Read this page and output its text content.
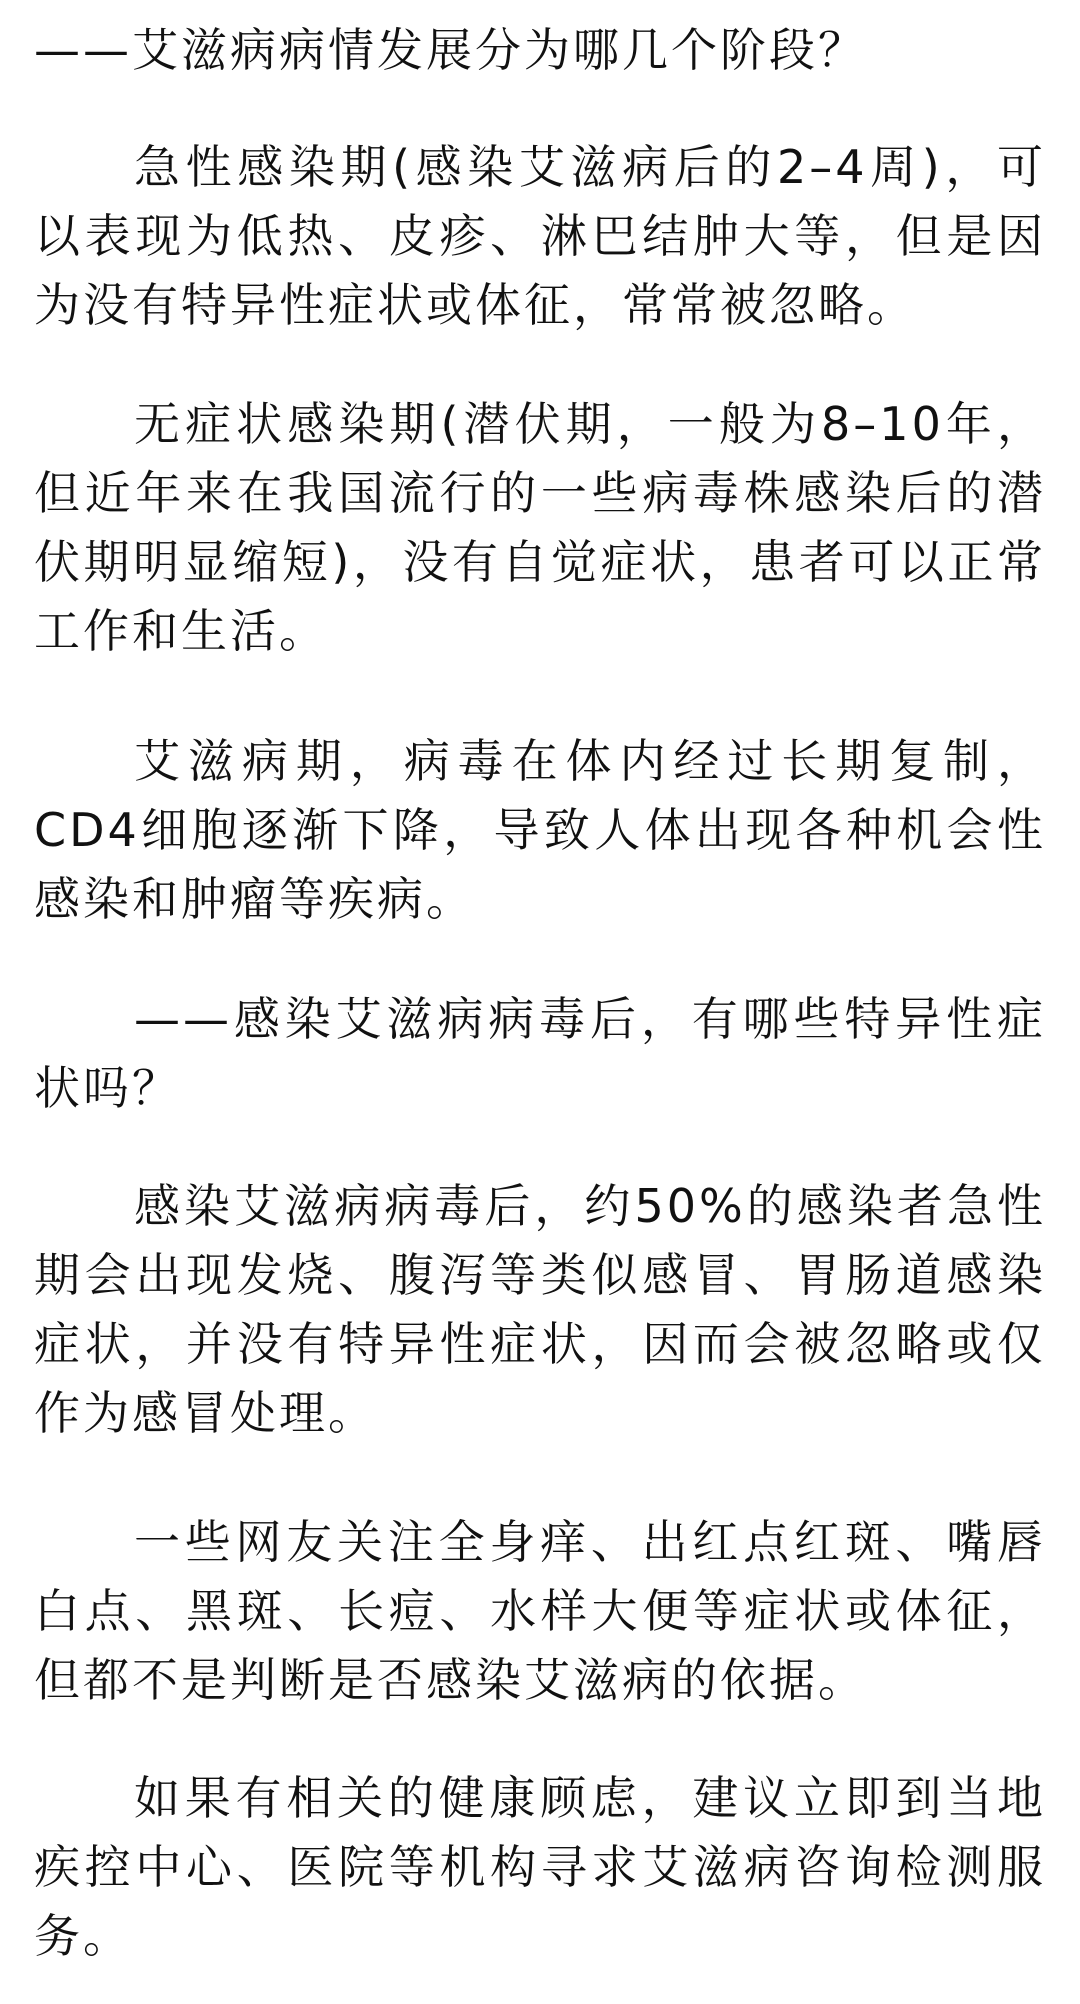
——艾滋病病情发展分为哪几个阶段？

急性感染期(感染艾滋病后的2–4周)，可以表现为低热、皮疹、淋巴结肿大等，但是因为没有特异性症状或体征，常常被忽略。

无症状感染期(潜伏期，一般为8–10年，但近年来在我国流行的一些病毒株感染后的潜伏期明显缩短)，没有自觉症状，患者可以正常工作和生活。

艾滋病期，病毒在体内经过长期复制，CD4细胞逐渐下降，导致人体出现各种机会性感染和肿瘤等疾病。

——感染艾滋病病毒后，有哪些特异性症状吗？

感染艾滋病病毒后，约50%的感染者急性期会出现发烧、腹泻等类似感冒、胃肠道感染症状，并没有特异性症状，因而会被忽略或仅作为感冒处理。

一些网友关注全身痒、出红点红斑、嘴唇白点、黑斑、长痘、水样大便等症状或体征，但都不是判断是否感染艾滋病的依据。

如果有相关的健康顾虑，建议立即到当地疾控中心、医院等机构寻求艾滋病咨询检测服务。
